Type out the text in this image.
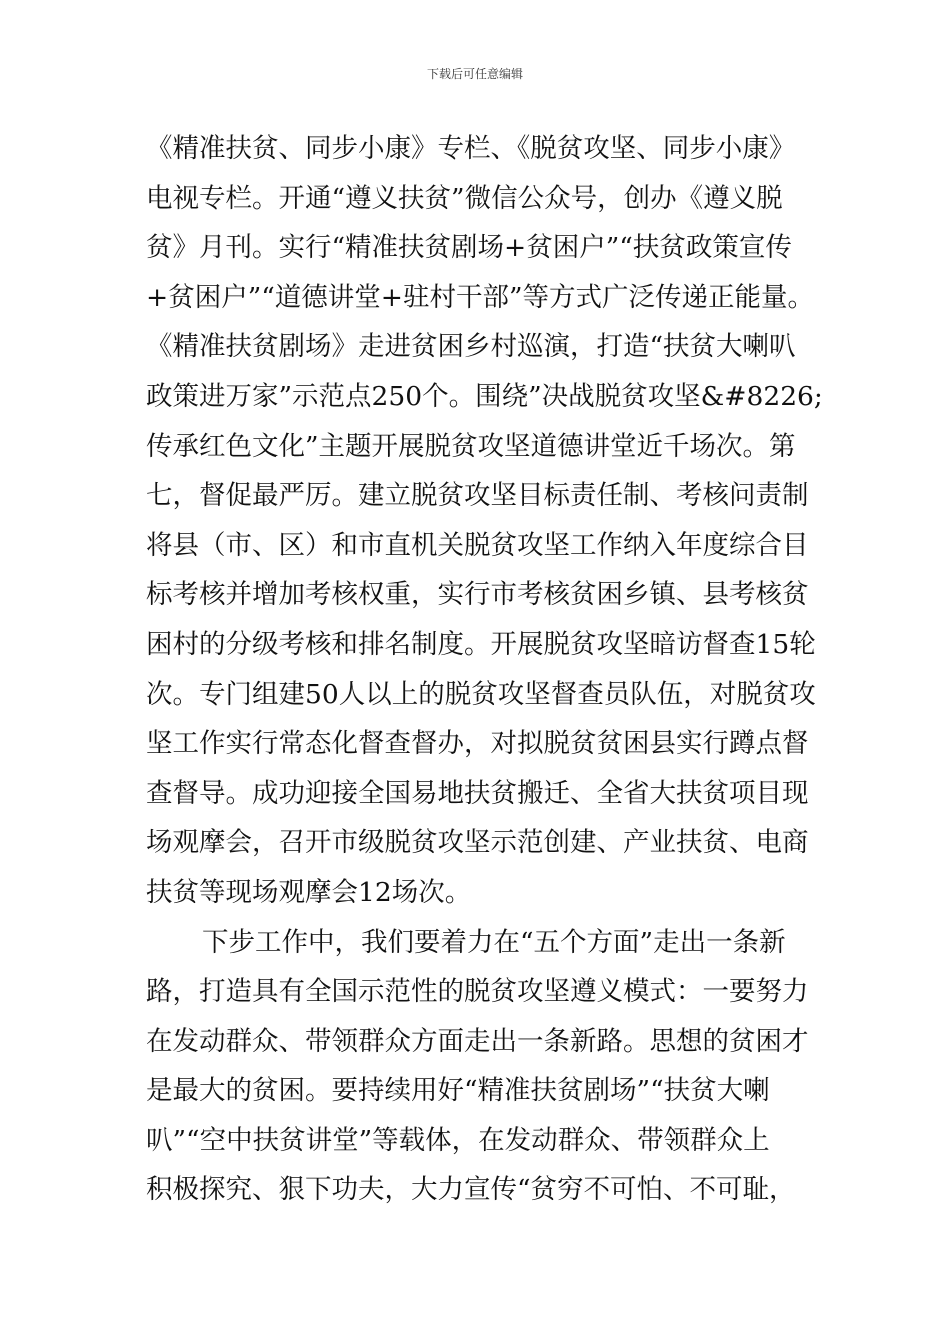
下载后可任意编辑
《精准扶贫、同步小康》专栏、《脱贫攻坚、同步小康》
电视专栏。开通“遵义扶贫”微信公众号，创办《遵义脱
贫》月刊。实行“精准扶贫剧场+贫困户”“扶贫政策宣传
+贫困户”“道德讲堂+驻村干部”等方式广泛传递正能量。
《精准扶贫剧场》走进贫困乡村巡演，打造“扶贫大喇叭
政策进万家”示范点250个。围绕”决战脱贫攻坚&#8226;
传承红色文化”主题开展脱贫攻坚道德讲堂近千场次。第
七，督促最严厉。建立脱贫攻坚目标责任制、考核问责制
将县（市、区）和市直机关脱贫攻坚工作纳入年度综合目
标考核并增加考核权重，实行市考核贫困乡镇、县考核贫
困村的分级考核和排名制度。开展脱贫攻坚暗访督查15轮
次。专门组建50人以上的脱贫攻坚督查员队伍，对脱贫攻
坚工作实行常态化督查督办，对拟脱贫贫困县实行蹲点督
查督导。成功迎接全国易地扶贫搬迁、全省大扶贫项目现
场观摩会，召开市级脱贫攻坚示范创建、产业扶贫、电商
扶贫等现场观摩会12场次。
下步工作中，我们要着力在“五个方面”走出一条新
路，打造具有全国示范性的脱贫攻坚遵义模式：一要努力
在发动群众、带领群众方面走出一条新路。思想的贫困才
是最大的贫困。要持续用好“精准扶贫剧场”“扶贫大喇
叭”“空中扶贫讲堂”等载体，在发动群众、带领群众上
积极探究、狠下功夫，大力宣传“贫穷不可怕、不可耻，
